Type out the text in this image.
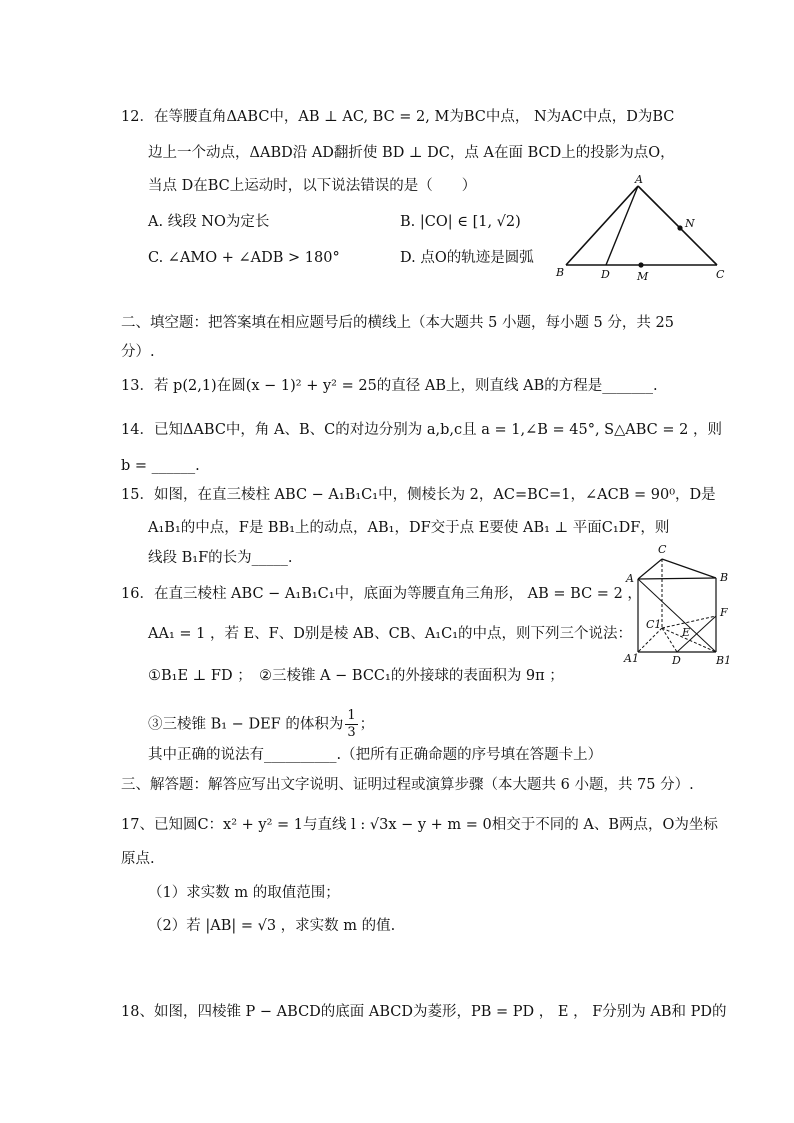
12．在等腰直角ΔABC中，AB ⊥ AC, BC = 2, M为BC中点， N为AC中点，D为BC
边上一个动点，ΔABD沿 AD翻折使 BD ⊥ DC，点 A在面 BCD上的投影为点O，
当点 D在BC上运动时，以下说法错误的是（　　）
A. 线段 NO为定长	B. |CO| ∈ [1, √2)
C. ∠AMO + ∠ADB > 180°	D. 点O的轨迹是圆弧
A
B	C
D M
N
二、填空题：把答案填在相应题号后的横线上（本大题共 5 小题，每小题 5 分，共 25
分）.
13．若 p(2,1)在圆(x − 1)² + y² = 25的直径 AB上，则直线 AB的方程是_______.
14．已知ΔABC中，角 A、B、C的对边分别为 a,b,c且 a = 1,∠B = 45°, S△ABC = 2 ，则
b = ______.
15．如图，在直三棱柱 ABC − A₁B₁C₁中，侧棱长为 2，AC=BC=1，∠ACB = 90⁰，D是
A₁B₁的中点，F是 BB₁上的动点，AB₁，DF交于点 E要使 AB₁ ⊥ 平面C₁DF，则
线段 B₁F的长为_____.
16．在直三棱柱 ABC − A₁B₁C₁中，底面为等腰直角三角形， AB = BC = 2 ，
AA₁ = 1 ，若 E、F、D别是棱 AB、CB、A₁C₁的中点，则下列三个说法：
①B₁E ⊥ FD ；　②三棱锥 A − BCC₁的外接球的表面积为 9π ；
③三棱锥 B₁ − DEF 的体积为 $\frac{1}{3}$ ；
其中正确的说法有__________.（把所有正确命题的序号填在答题卡上）
C
A	B
F
C1
E
A1	D	B1
三、解答题：解答应写出文字说明、证明过程或演算步骤（本大题共 6 小题，共 75 分）.
17、已知圆C：x² + y² = 1与直线 l : √3x − y + m = 0相交于不同的 A、B两点，O为坐标
原点.
（1）求实数 m 的取值范围；
（2）若 |AB| = √3 ，求实数 m 的值.
18、如图，四棱锥 P − ABCD的底面 ABCD为菱形，PB = PD ， E ， F分别为 AB和 PD的
